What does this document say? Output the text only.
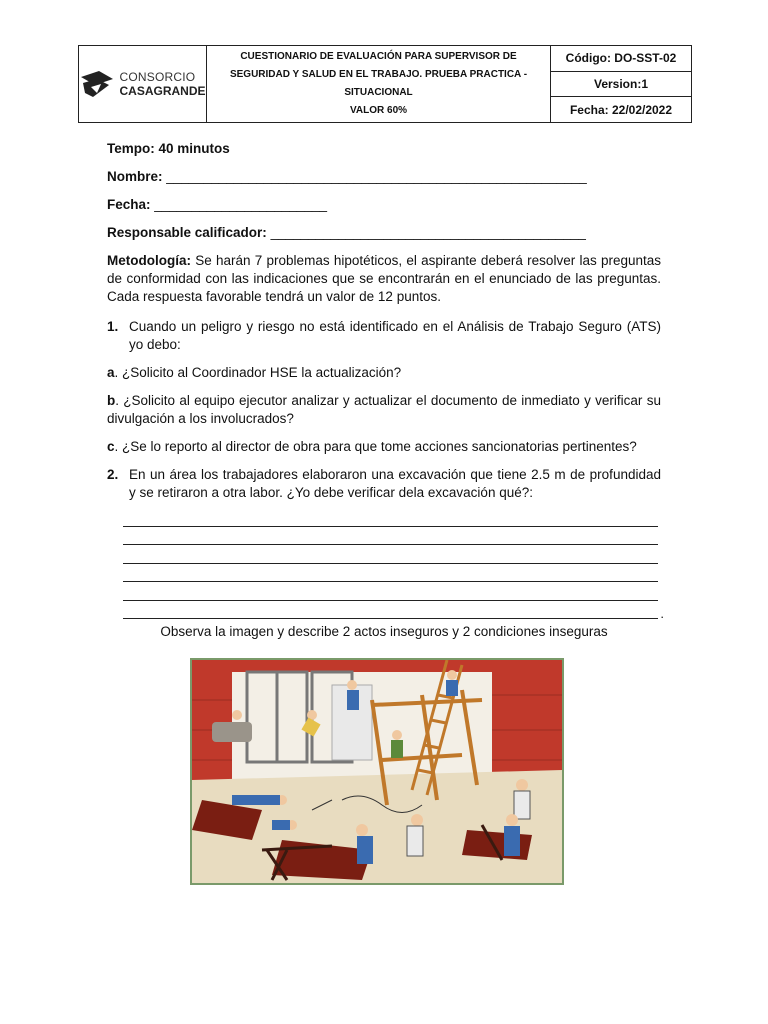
CONSORCIO
CASAGRANDE
CUESTIONARIO DE EVALUACIÓN PARA SUPERVISOR DE
SEGURIDAD Y SALUD EN EL TRABAJO. PRUEBA PRACTICA -
SITUACIONAL
VALOR 60%
Código: DO-SST-02
Version:1
Fecha: 22/02/2022

Tempo: 40 minutos

Nombre: ________________________________________________________

Fecha: _______________________

Responsable calificador: __________________________________________

Metodología: Se harán 7 problemas hipotéticos, el aspirante deberá resolver las preguntas de conformidad con las indicaciones que se encontrarán en el enunciado de las preguntas. Cada respuesta favorable tendrá un valor de 12 puntos.

1. Cuando un peligro y riesgo no está identificado en el Análisis de Trabajo Seguro (ATS) yo debo:

a. ¿Solicito al Coordinador HSE la actualización?

b. ¿Solicito al equipo ejecutor analizar y actualizar el documento de inmediato y verificar su divulgación a los involucrados?

c. ¿Se lo reporto al director de obra para que tome acciones sancionatorias pertinentes?

2. En un área los trabajadores elaboraron una excavación que tiene 2.5 m de profundidad y se retiraron a otra labor. ¿Yo debe verificar dela excavación qué?:
.
Observa la imagen y describe 2 actos inseguros y 2 condiciones inseguras
